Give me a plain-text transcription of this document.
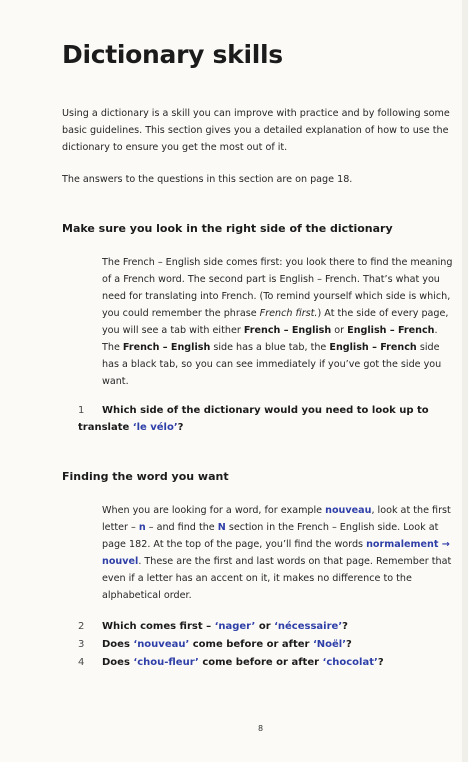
Dictionary skills
Using a dictionary is a skill you can improve with practice and by following some basic guidelines. This section gives you a detailed explanation of how to use the dictionary to ensure you get the most out of it.
The answers to the questions in this section are on page 18.
Make sure you look in the right side of the dictionary
The French – English side comes first: you look there to find the meaning of a French word. The second part is English – French. That’s what you need for translating into French. (To remind yourself which side is which, you could remember the phrase French first.) At the side of every page, you will see a tab with either French – English or English – French. The French – English side has a blue tab, the English – French side has a black tab, so you can see immediately if you’ve got the side you want.
1 Which side of the dictionary would you need to look up to translate ‘le vélo’?
Finding the word you want
When you are looking for a word, for example nouveau, look at the first letter – n – and find the N section in the French – English side. Look at page 182. At the top of the page, you’ll find the words normalement → nouvel. These are the first and last words on that page. Remember that even if a letter has an accent on it, it makes no difference to the alphabetical order.
2 Which comes first – ‘nager’ or ‘nécessaire’?
3 Does ‘nouveau’ come before or after ‘Noël’?
4 Does ‘chou-fleur’ come before or after ‘chocolat’?
8
